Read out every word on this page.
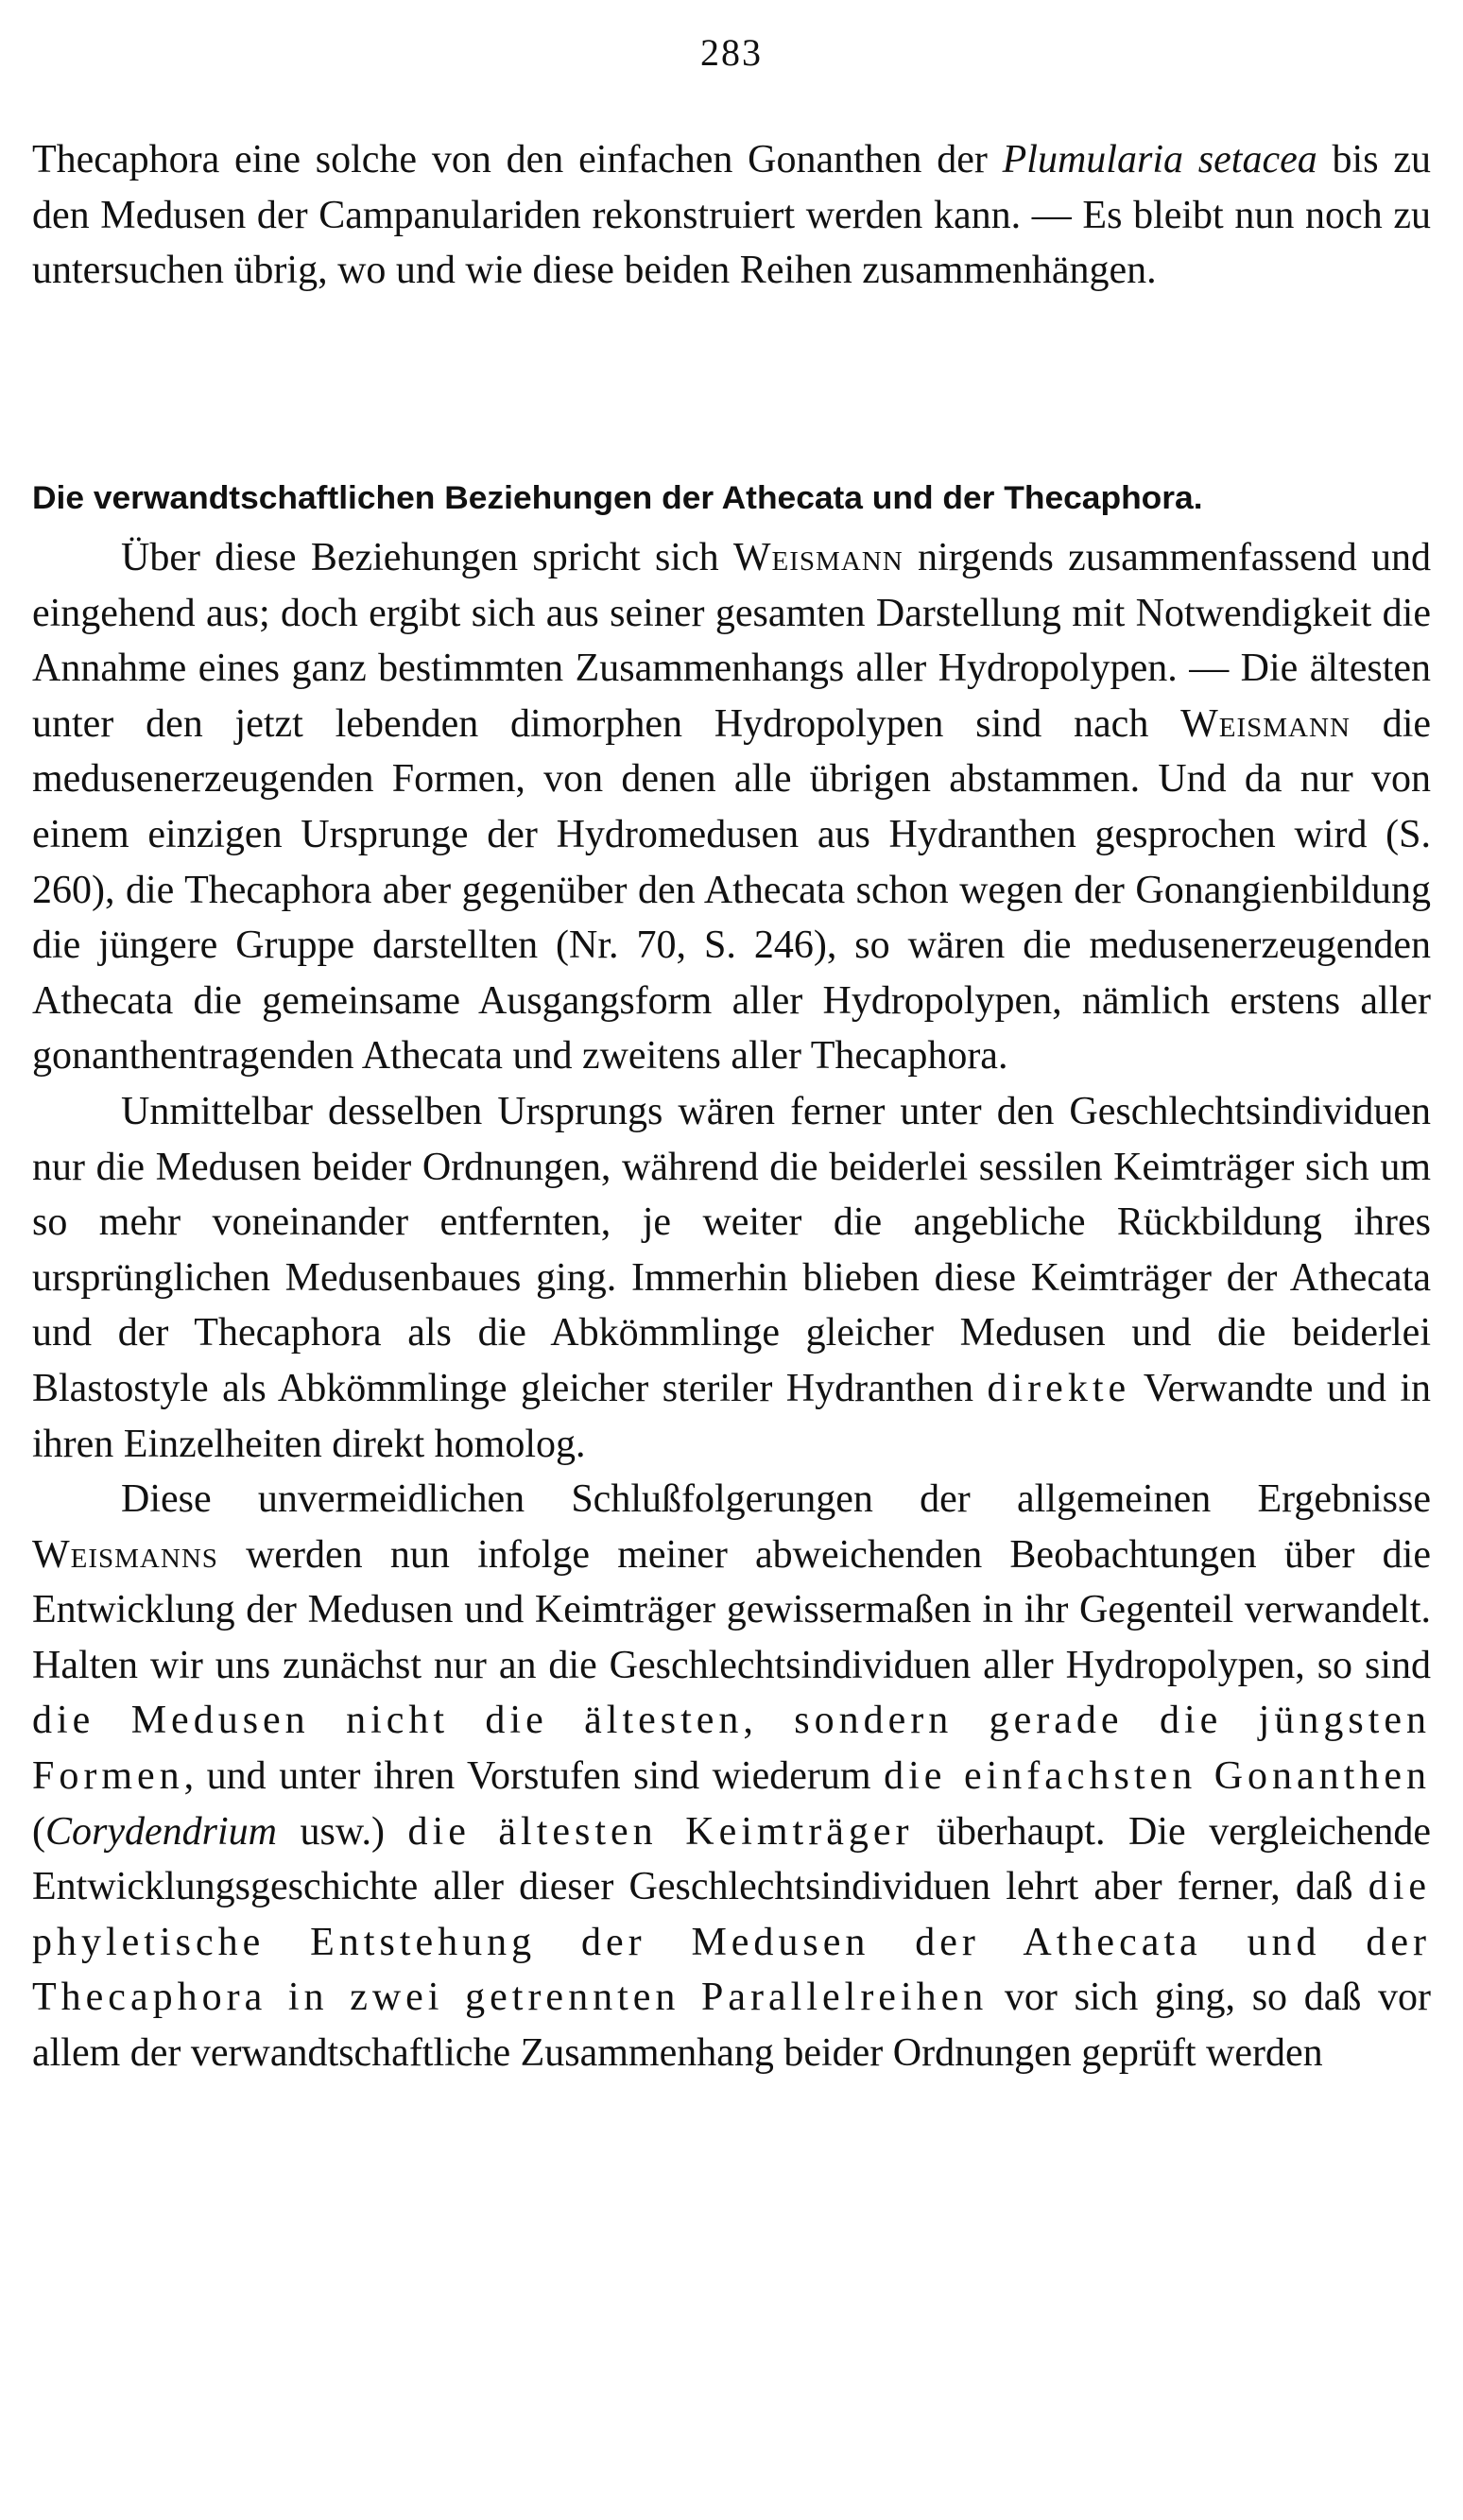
283

Thecaphora eine solche von den einfachen Gonanthen der Plumularia setacea bis zu den Medusen der Campanulariden rekonstruiert werden kann. — Es bleibt nun noch zu untersuchen übrig, wo und wie diese beiden Reihen zusammenhängen.

Die verwandtschaftlichen Beziehungen der Athecata und der Thecaphora.

Über diese Beziehungen spricht sich Weismann nirgends zusammenfassend und eingehend aus; doch ergibt sich aus seiner gesamten Darstellung mit Notwendigkeit die Annahme eines ganz bestimmten Zusammenhangs aller Hydropolypen. — Die ältesten unter den jetzt lebenden dimorphen Hydropolypen sind nach Weismann die medusenerzeugenden Formen, von denen alle übrigen abstammen. Und da nur von einem einzigen Ursprunge der Hydromedusen aus Hydranthen gesprochen wird (S. 260), die Thecaphora aber gegenüber den Athecata schon wegen der Gonangienbildung die jüngere Gruppe darstellten (Nr. 70, S. 246), so wären die medusenerzeugenden Athecata die gemeinsame Ausgangsform aller Hydropolypen, nämlich erstens aller gonanthentragenden Athecata und zweitens aller Thecaphora.

Unmittelbar desselben Ursprungs wären ferner unter den Geschlechtsindividuen nur die Medusen beider Ordnungen, während die beiderlei sessilen Keimträger sich um so mehr voneinander entfernten, je weiter die angebliche Rückbildung ihres ursprünglichen Medusenbaues ging. Immerhin blieben diese Keimträger der Athecata und der Thecaphora als die Abkömmlinge gleicher Medusen und die beiderlei Blastostyle als Abkömmlinge gleicher steriler Hydranthen direkte Verwandte und in ihren Einzelheiten direkt homolog.

Diese unvermeidlichen Schlußfolgerungen der allgemeinen Ergebnisse Weismanns werden nun infolge meiner abweichenden Beobachtungen über die Entwicklung der Medusen und Keimträger gewissermaßen in ihr Gegenteil verwandelt. Halten wir uns zunächst nur an die Geschlechtsindividuen aller Hydropolypen, so sind die Medusen nicht die ältesten, sondern gerade die jüngsten Formen, und unter ihren Vorstufen sind wiederum die einfachsten Gonanthen (Corydendrium usw.) die ältesten Keimträger überhaupt. Die vergleichende Entwicklungsgeschichte aller dieser Geschlechtsindividuen lehrt aber ferner, daß die phyletische Entstehung der Medusen der Athecata und der Thecaphora in zwei getrennten Parallelreihen vor sich ging, so daß vor allem der verwandtschaftliche Zusammenhang beider Ordnungen geprüft werden
